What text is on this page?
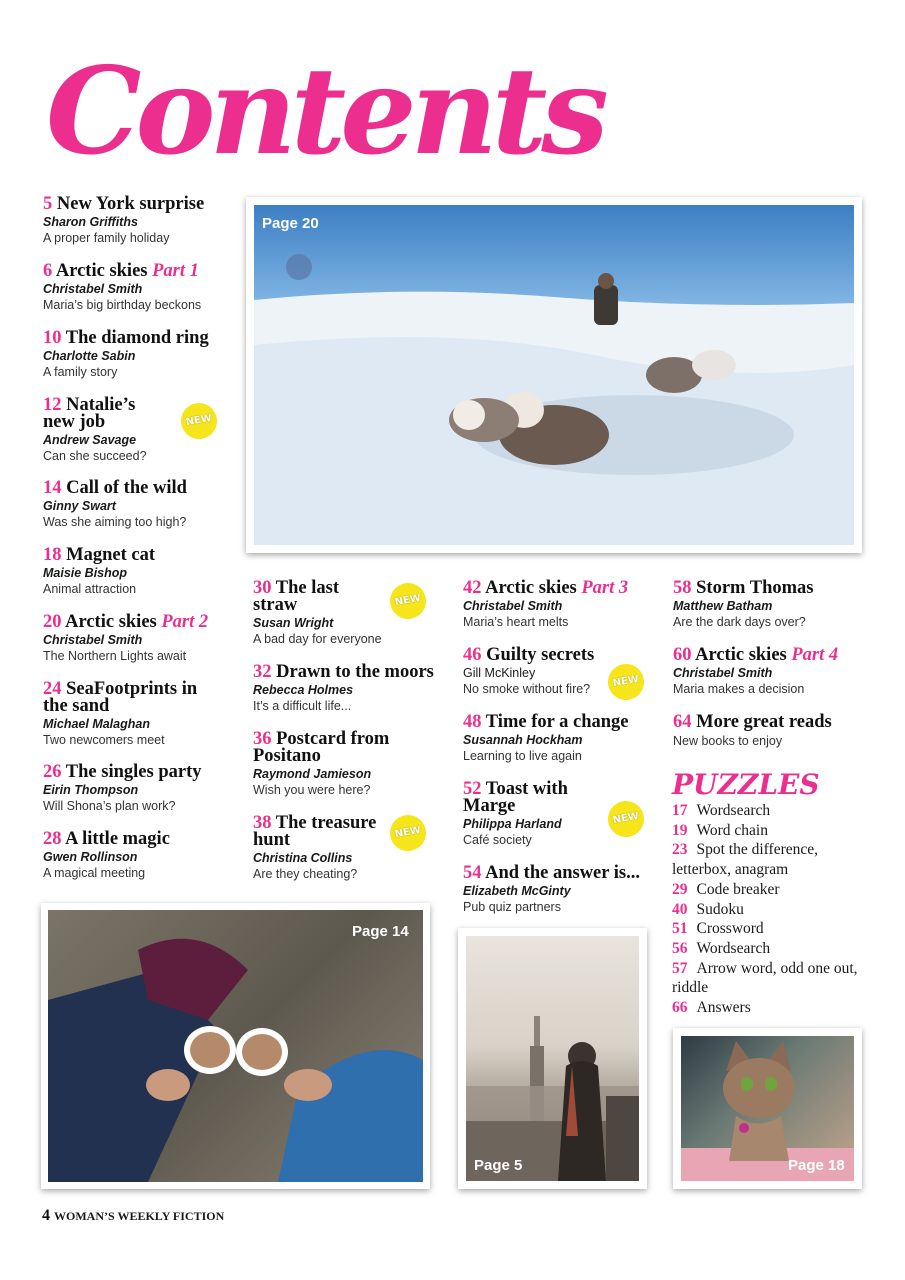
Contents
5 New York surprise
Sharon Griffiths
A proper family holiday
6 Arctic skies Part 1
Christabel Smith
Maria’s big birthday beckons
10 The diamond ring
Charlotte Sabin
A family story
12 Natalie’s new job
Andrew Savage
Can she succeed?
NEW
14 Call of the wild
Ginny Swart
Was she aiming too high?
18 Magnet cat
Maisie Bishop
Animal attraction
20 Arctic skies Part 2
Christabel Smith
The Northern Lights await
24 SeaFootprints in the sand
Michael Malaghan
Two newcomers meet
26 The singles party
Eirin Thompson
Will Shona’s plan work?
28 A little magic
Gwen Rollinson
A magical meeting
30 The last straw
Susan Wright
A bad day for everyone
NEW
32 Drawn to the moors
Rebecca Holmes
It’s a difficult life...
36 Postcard from Positano
Raymond Jamieson
Wish you were here?
38 The treasure hunt
Christina Collins
Are they cheating?
NEW
42 Arctic skies Part 3
Christabel Smith
Maria’s heart melts
46 Guilty secrets
Gill McKinley
No smoke without fire?	NEW
48 Time for a change
Susannah Hockham
Learning to live again
52 Toast with Marge
Philippa Harland
Café society
NEW
54 And the answer is...
Elizabeth McGinty
Pub quiz partners
58 Storm Thomas
Matthew Batham
Are the dark days over?
60 Arctic skies Part 4
Christabel Smith
Maria makes a decision
64 More great reads
New books to enjoy
PUZZLES
17 Wordsearch
19 Word chain
23 Spot the difference, letterbox, anagram
29 Code breaker
40 Sudoku
51 Crossword
56 Wordsearch
57 Arrow word, odd one out, riddle
66 Answers
Page 20
Page 14
Page 5	Page 18
4 WOMAN’S WEEKLY FICTION
